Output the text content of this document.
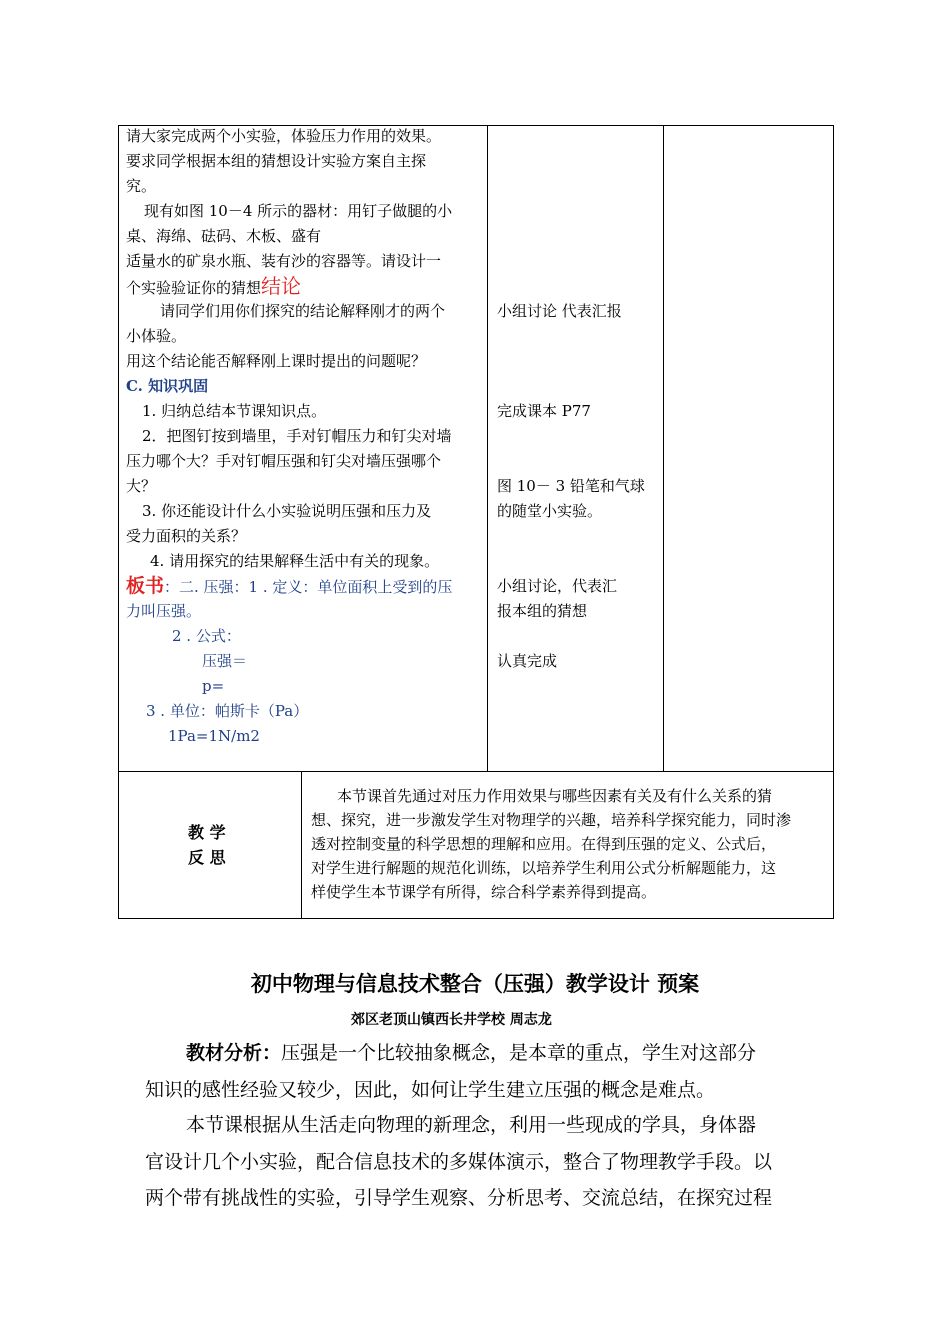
请大家完成两个小实验，体验压力作用的效果。
要求同学根据本组的猜想设计实验方案自主探
究。
现有如图 10－4 所示的器材：用钉子做腿的小
桌、海绵、砝码、木板、盛有
适量水的矿泉水瓶、装有沙的容器等。请设计一
个实验验证你的猜想结论
请同学们用你们探究的结论解释刚才的两个
小体验。
用这个结论能否解释刚上课时提出的问题呢？
C. 知识巩固
1. 归纳总结本节课知识点。
2．把图钉按到墙里，手对钉帽压力和钉尖对墙
压力哪个大？手对钉帽压强和钉尖对墙压强哪个
大？
3. 你还能设计什么小实验说明压强和压力及
受力面积的关系？
4. 请用探究的结果解释生活中有关的现象。
板书：二. 压强：1 . 定义：单位面积上受到的压
力叫压强。
2 . 公式：
压强＝
p=
3 . 单位：帕斯卡（Pa）
1Pa=1N/m2
小组讨论 代表汇报
完成课本 P77
图 10－ 3 铅笔和气球
的随堂小实验。
小组讨论，代表汇
报本组的猜想
认真完成
教 学
反 思
本节课首先通过对压力作用效果与哪些因素有关及有什么关系的猜
想、探究，进一步激发学生对物理学的兴趣，培养科学探究能力，同时渗
透对控制变量的科学思想的理解和应用。在得到压强的定义、公式后，
对学生进行解题的规范化训练，以培养学生利用公式分析解题能力，这
样使学生本节课学有所得，综合科学素养得到提高。
初中物理与信息技术整合（压强）教学设计 预案
郊区老顶山镇西长井学校 周志龙
教材分析：压强是一个比较抽象概念，是本章的重点，学生对这部分
知识的感性经验又较少，因此，如何让学生建立压强的概念是难点。
本节课根据从生活走向物理的新理念，利用一些现成的学具，身体器
官设计几个小实验，配合信息技术的多媒体演示，整合了物理教学手段。以
两个带有挑战性的实验，引导学生观察、分析思考、交流总结，在探究过程
